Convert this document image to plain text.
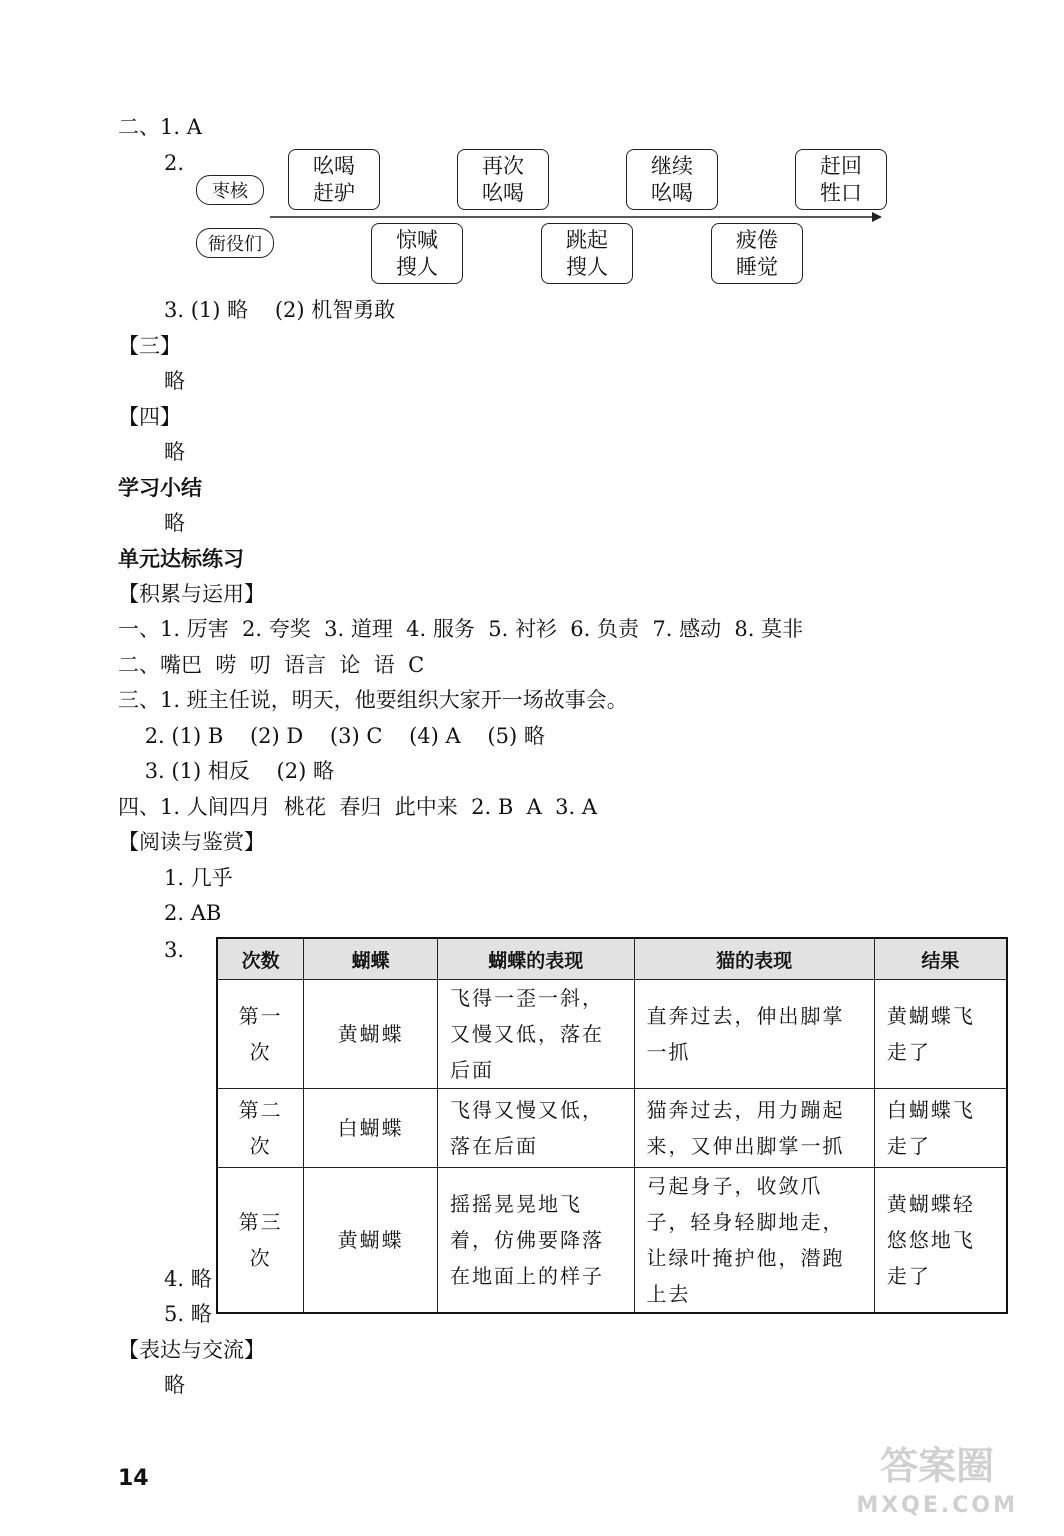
二、1. A
2.
枣核
衙役们
吆喝
赶驴
再次
吆喝
继续
吆喝
赶回
牲口
惊喊
搜人
跳起
搜人
疲倦
睡觉
3. (1) 略    (2) 机智勇敢
【三】
略
【四】
略
学习小结
略
单元达标练习
【积累与运用】
一、1. 厉害  2. 夸奖  3. 道理  4. 服务  5. 衬衫  6. 负责  7. 感动  8. 莫非
二、嘴巴  唠  叨  语言  论  语  C
三、1. 班主任说，明天，他要组织大家开一场故事会。
2. (1) B    (2) D    (3) C    (4) A    (5) 略
3. (1) 相反    (2) 略
四、1. 人间四月  桃花  春归  此中来  2. B  A  3. A
【阅读与鉴赏】
1. 几乎
2. AB
3.	次数	蝴蝶	蝴蝶的表现	猫的表现	结果
第一次	黄蝴蝶	飞得一歪一斜，又慢又低，落在后面	直奔过去，伸出脚掌一抓	黄蝴蝶飞走了
第二次	白蝴蝶	飞得又慢又低，落在后面	猫奔过去，用力蹦起来，又伸出脚掌一抓	白蝴蝶飞走了
第三次	黄蝴蝶	摇摇晃晃地飞着，仿佛要降落在地面上的样子	弓起身子，收敛爪子，轻身轻脚地走，让绿叶掩护他，潜跑上去	黄蝴蝶轻悠悠地飞走了
4. 略
5. 略
【表达与交流】
略
14	答案圈
MXQE.COM
